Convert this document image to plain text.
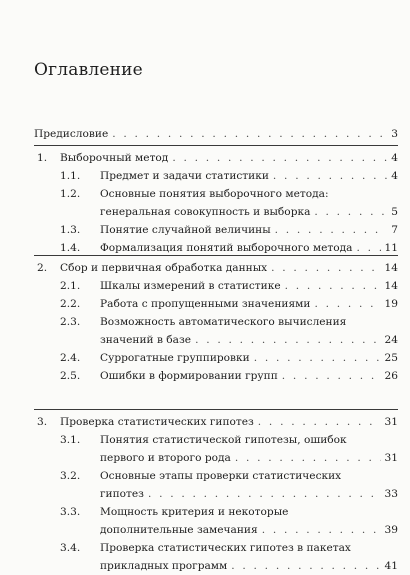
Оглавление
Предисловие . . .	3
1. Выборочный метод . . .	4
1.1. Предмет и задачи статистики . . .	4
1.2. Основные понятия выборочного метода:
генеральная совокупность и выборка . . .	5
1.3. Понятие случайной величины . . .	7
1.4. Формализация понятий выборочного метода . . .	11
2. Сбор и первичная обработка данных . . .	14
2.1. Шкалы измерений в статистике . . .	14
2.2. Работа с пропущенными значениями . . .	19
2.3. Возможность автоматического вычисления
значений в базе . . .	24
2.4. Суррогатные группировки . . .	25
2.5. Ошибки в формировании групп . . .	26
3. Проверка статистических гипотез . . .	31
3.1. Понятия статистической гипотезы, ошибок
первого и второго рода . . .	31
3.2. Основные этапы проверки статистических
гипотез . . .	33
3.3. Мощность критерия и некоторые
дополнительные замечания . . .	39
3.4. Проверка статистических гипотез в пакетах
прикладных программ . . .	41
